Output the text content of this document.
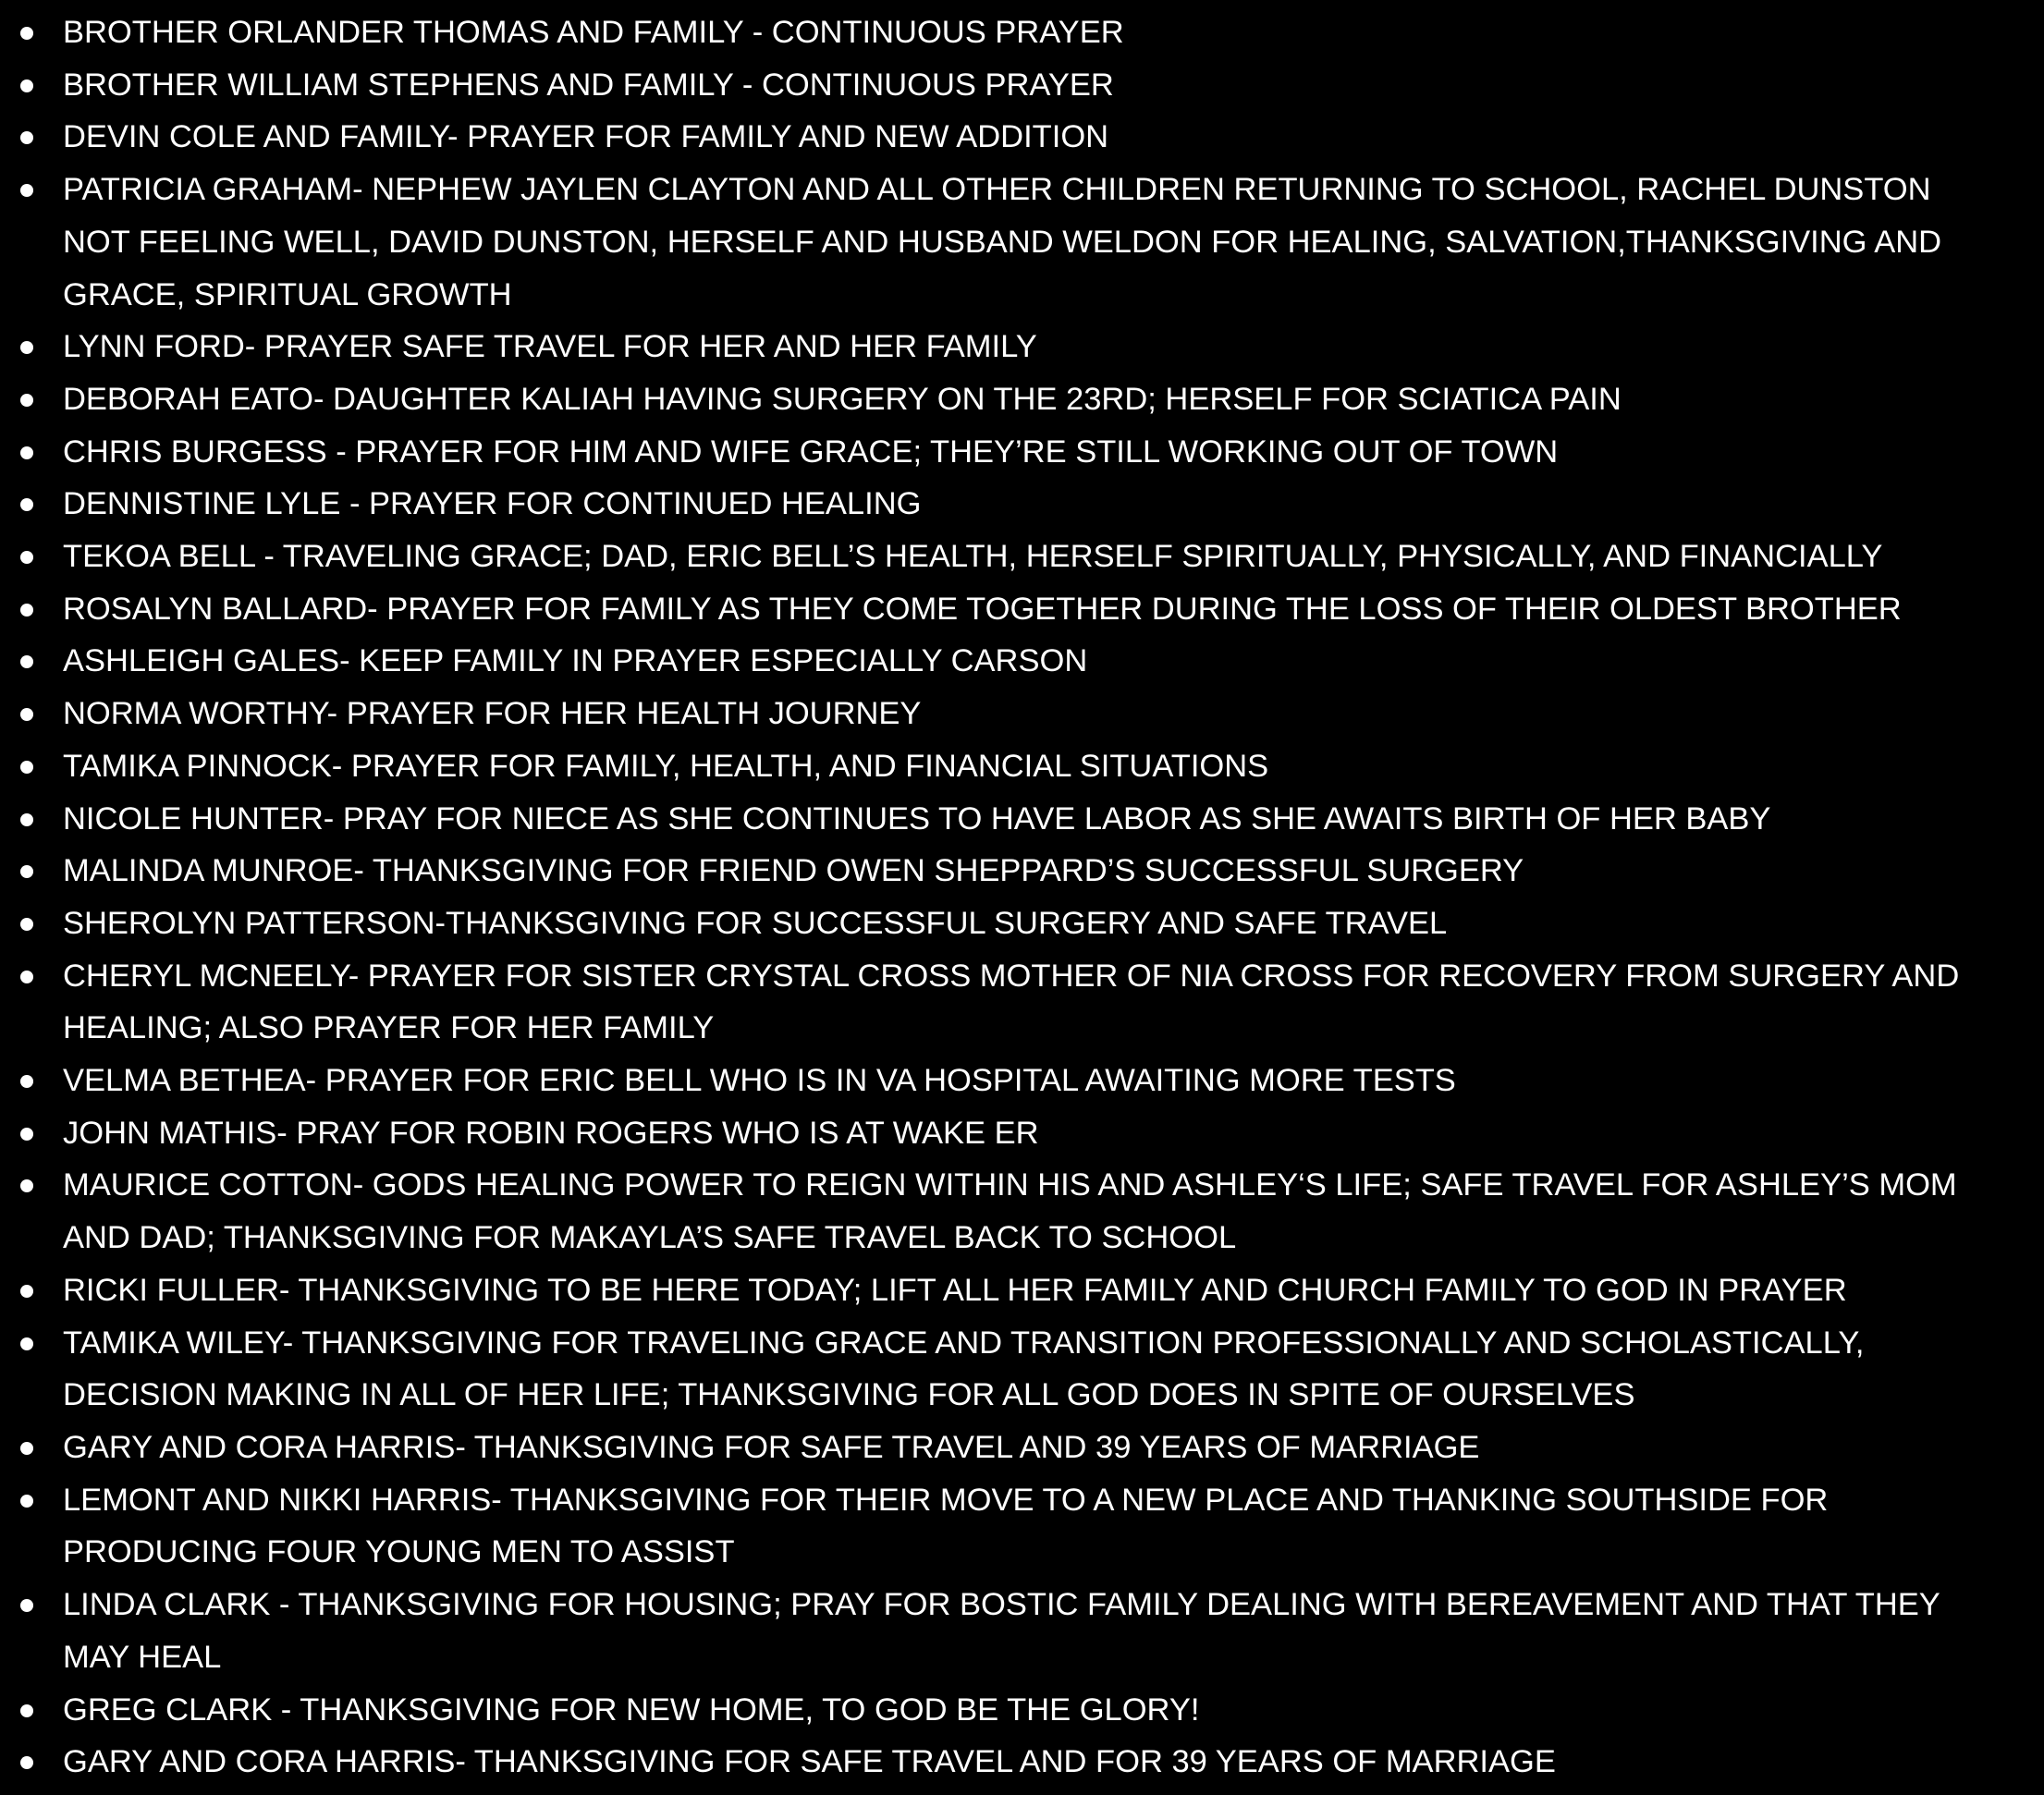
BROTHER ORLANDER THOMAS AND FAMILY - CONTINUOUS PRAYER
BROTHER WILLIAM STEPHENS AND FAMILY - CONTINUOUS PRAYER
DEVIN COLE AND FAMILY- PRAYER FOR FAMILY AND NEW ADDITION
PATRICIA GRAHAM- NEPHEW JAYLEN CLAYTON AND ALL OTHER CHILDREN RETURNING TO SCHOOL, RACHEL DUNSTON NOT FEELING WELL, DAVID DUNSTON, HERSELF AND HUSBAND WELDON FOR HEALING, SALVATION,THANKSGIVING AND GRACE, SPIRITUAL GROWTH
LYNN FORD- PRAYER SAFE TRAVEL FOR HER AND HER FAMILY
DEBORAH EATO- DAUGHTER KALIAH HAVING SURGERY ON THE 23RD; HERSELF FOR SCIATICA PAIN
CHRIS BURGESS - PRAYER FOR HIM AND WIFE GRACE; THEY’RE STILL WORKING OUT OF TOWN
DENNISTINE LYLE - PRAYER FOR CONTINUED HEALING
TEKOA BELL - TRAVELING GRACE; DAD, ERIC BELL’S HEALTH, HERSELF SPIRITUALLY, PHYSICALLY, AND FINANCIALLY
ROSALYN BALLARD- PRAYER FOR FAMILY AS THEY COME TOGETHER DURING THE LOSS OF THEIR OLDEST BROTHER
ASHLEIGH GALES- KEEP FAMILY IN PRAYER ESPECIALLY CARSON
NORMA WORTHY- PRAYER FOR HER HEALTH JOURNEY
TAMIKA PINNOCK- PRAYER FOR FAMILY, HEALTH, AND FINANCIAL SITUATIONS
NICOLE HUNTER- PRAY FOR NIECE AS SHE CONTINUES TO HAVE LABOR AS SHE AWAITS BIRTH OF HER BABY
MALINDA MUNROE- THANKSGIVING FOR FRIEND OWEN SHEPPARD’S SUCCESSFUL SURGERY
SHEROLYN PATTERSON-THANKSGIVING FOR SUCCESSFUL SURGERY AND SAFE TRAVEL
CHERYL MCNEELY- PRAYER FOR SISTER CRYSTAL CROSS MOTHER OF NIA CROSS FOR RECOVERY FROM SURGERY AND HEALING; ALSO PRAYER FOR HER FAMILY
VELMA BETHEA- PRAYER FOR ERIC BELL WHO IS IN VA HOSPITAL AWAITING MORE TESTS
JOHN MATHIS- PRAY FOR ROBIN ROGERS WHO IS AT WAKE ER
MAURICE COTTON- GODS HEALING POWER TO REIGN WITHIN HIS AND ASHLEY‘S LIFE; SAFE TRAVEL FOR ASHLEY’S MOM AND DAD; THANKSGIVING FOR MAKAYLA’S SAFE TRAVEL BACK TO SCHOOL
RICKI FULLER- THANKSGIVING TO BE HERE TODAY; LIFT ALL HER FAMILY AND CHURCH FAMILY TO GOD IN PRAYER
TAMIKA WILEY- THANKSGIVING FOR TRAVELING GRACE AND TRANSITION PROFESSIONALLY AND SCHOLASTICALLY, DECISION MAKING IN ALL OF HER LIFE; THANKSGIVING FOR ALL GOD DOES IN SPITE OF OURSELVES
GARY AND CORA HARRIS- THANKSGIVING FOR SAFE TRAVEL AND 39 YEARS OF MARRIAGE
LEMONT AND NIKKI HARRIS- THANKSGIVING FOR THEIR MOVE TO A NEW PLACE AND THANKING SOUTHSIDE FOR PRODUCING FOUR YOUNG MEN TO ASSIST
LINDA CLARK - THANKSGIVING FOR HOUSING; PRAY FOR BOSTIC FAMILY DEALING WITH BEREAVEMENT AND THAT THEY MAY HEAL
GREG CLARK - THANKSGIVING FOR NEW HOME, TO GOD BE THE GLORY!
GARY AND CORA HARRIS- THANKSGIVING FOR SAFE TRAVEL AND FOR 39 YEARS OF MARRIAGE
